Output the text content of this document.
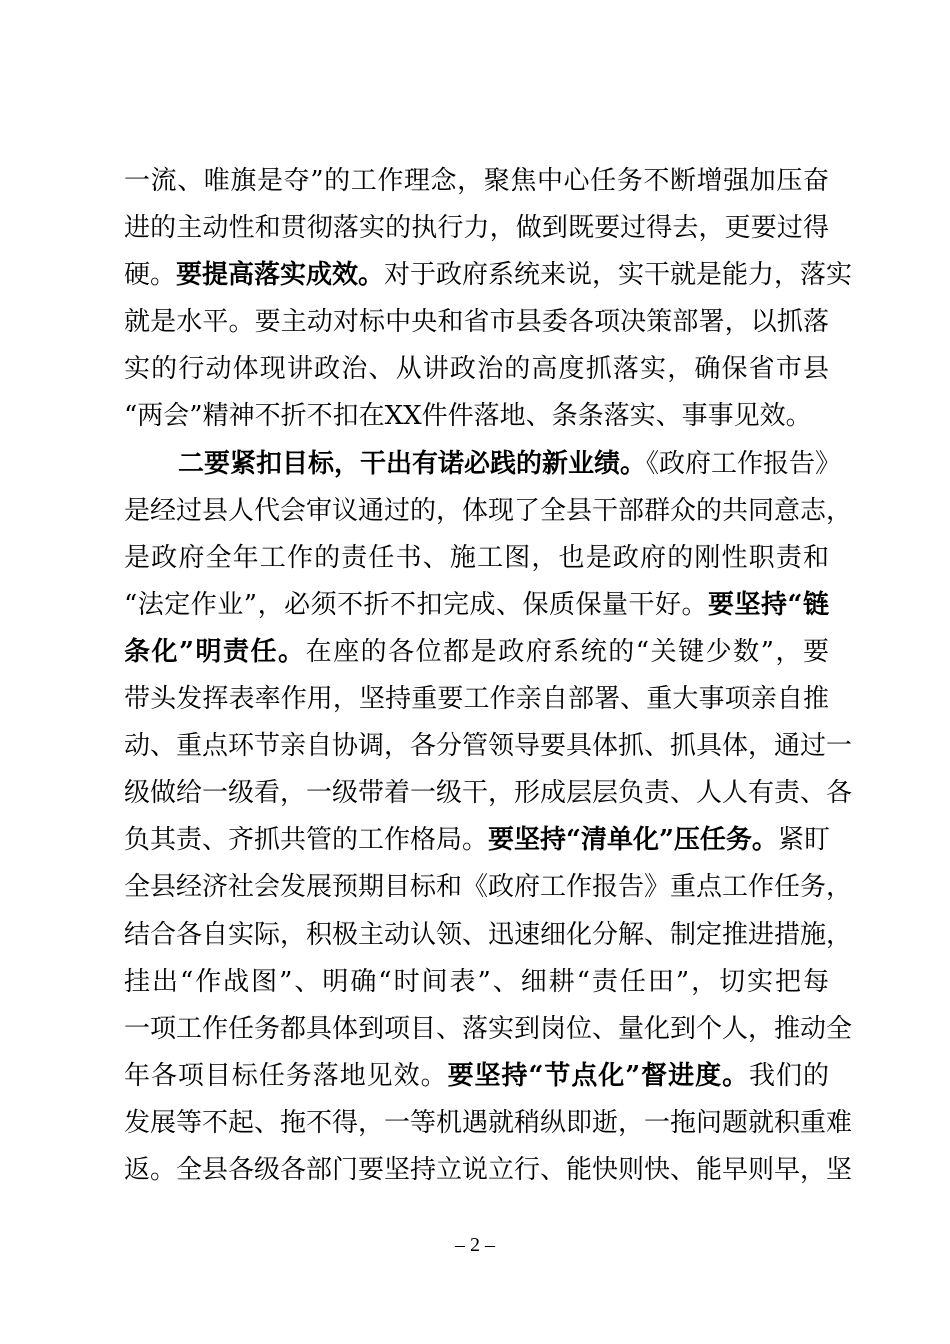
一流、唯旗是夺”的工作理念，聚焦中心任务不断增强加压奋
进的主动性和贯彻落实的执行力，做到既要过得去，更要过得
硬。要提高落实成效。对于政府系统来说，实干就是能力，落实
就是水平。要主动对标中央和省市县委各项决策部署，以抓落
实的行动体现讲政治、从讲政治的高度抓落实，确保省市县
“两会”精神不折不扣在XX件件落地、条条落实、事事见效。
二要紧扣目标，干出有诺必践的新业绩。《政府工作报告》
是经过县人代会审议通过的，体现了全县干部群众的共同意志，
是政府全年工作的责任书、施工图，也是政府的刚性职责和
“法定作业”，必须不折不扣完成、保质保量干好。要坚持“链
条化”明责任。在座的各位都是政府系统的“关键少数”，要
带头发挥表率作用，坚持重要工作亲自部署、重大事项亲自推
动、重点环节亲自协调，各分管领导要具体抓、抓具体，通过一
级做给一级看，一级带着一级干，形成层层负责、人人有责、各
负其责、齐抓共管的工作格局。要坚持“清单化”压任务。紧盯
全县经济社会发展预期目标和《政府工作报告》重点工作任务，
结合各自实际，积极主动认领、迅速细化分解、制定推进措施，
挂出“作战图”、明确“时间表”、细耕“责任田”，切实把每
一项工作任务都具体到项目、落实到岗位、量化到个人，推动全
年各项目标任务落地见效。要坚持“节点化”督进度。我们的
发展等不起、拖不得，一等机遇就稍纵即逝，一拖问题就积重难
返。全县各级各部门要坚持立说立行、能快则快、能早则早，坚
– 2 –
